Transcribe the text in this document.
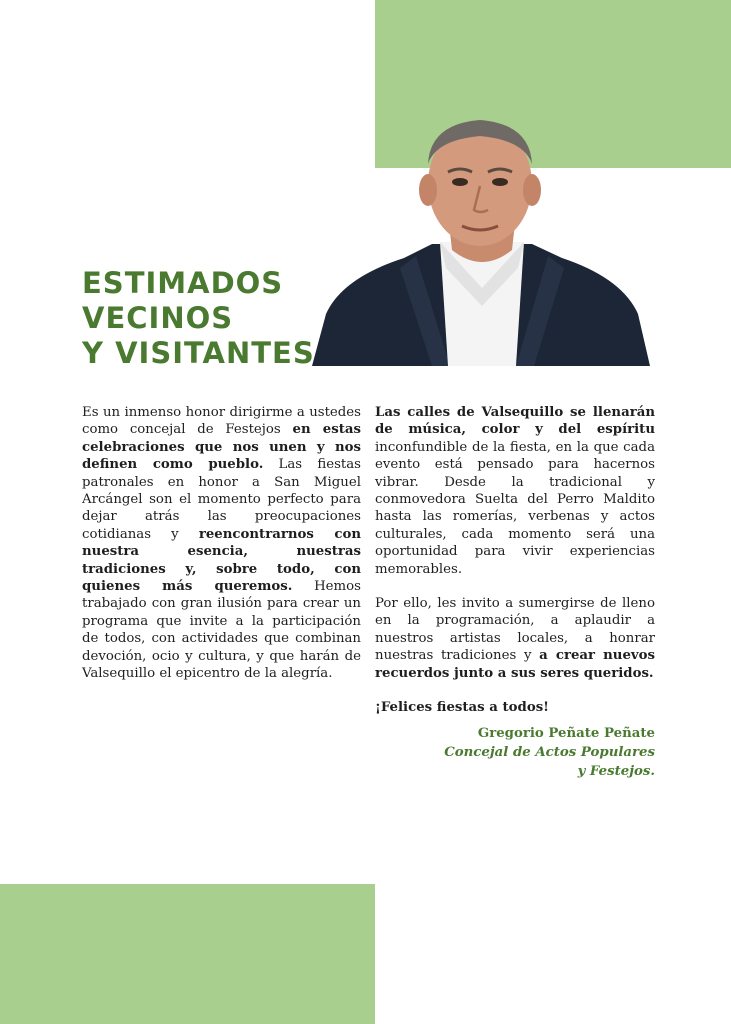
ESTIMADOS
VECINOS
Y VISITANTES

Es un inmenso honor dirigirme a ustedes como concejal de Festejos en estas celebraciones que nos unen y nos definen como pueblo. Las fiestas patronales en honor a San Miguel Arcángel son el momento perfecto para dejar atrás las preocupaciones cotidianas y reencontrarnos con nuestra esencia, nuestras tradiciones y, sobre todo, con quienes más queremos. Hemos trabajado con gran ilusión para crear un programa que invite a la participación de todos, con actividades que combinan devoción, ocio y cultura, y que harán de Valsequillo el epicentro de la alegría.

Las calles de Valsequillo se llenarán de música, color y del espíritu inconfundible de la fiesta, en la que cada evento está pensado para hacernos vibrar. Desde la tradicional y conmovedora Suelta del Perro Maldito hasta las romerías, verbenas y actos culturales, cada momento será una oportunidad para vivir experiencias memorables.

Por ello, les invito a sumergirse de lleno en la programación, a aplaudir a nuestros artistas locales, a honrar nuestras tradiciones y a crear nuevos recuerdos junto a sus seres queridos.

¡Felices fiestas a todos!

Gregorio Peñate Peñate
Concejal de Actos Populares
y Festejos.
